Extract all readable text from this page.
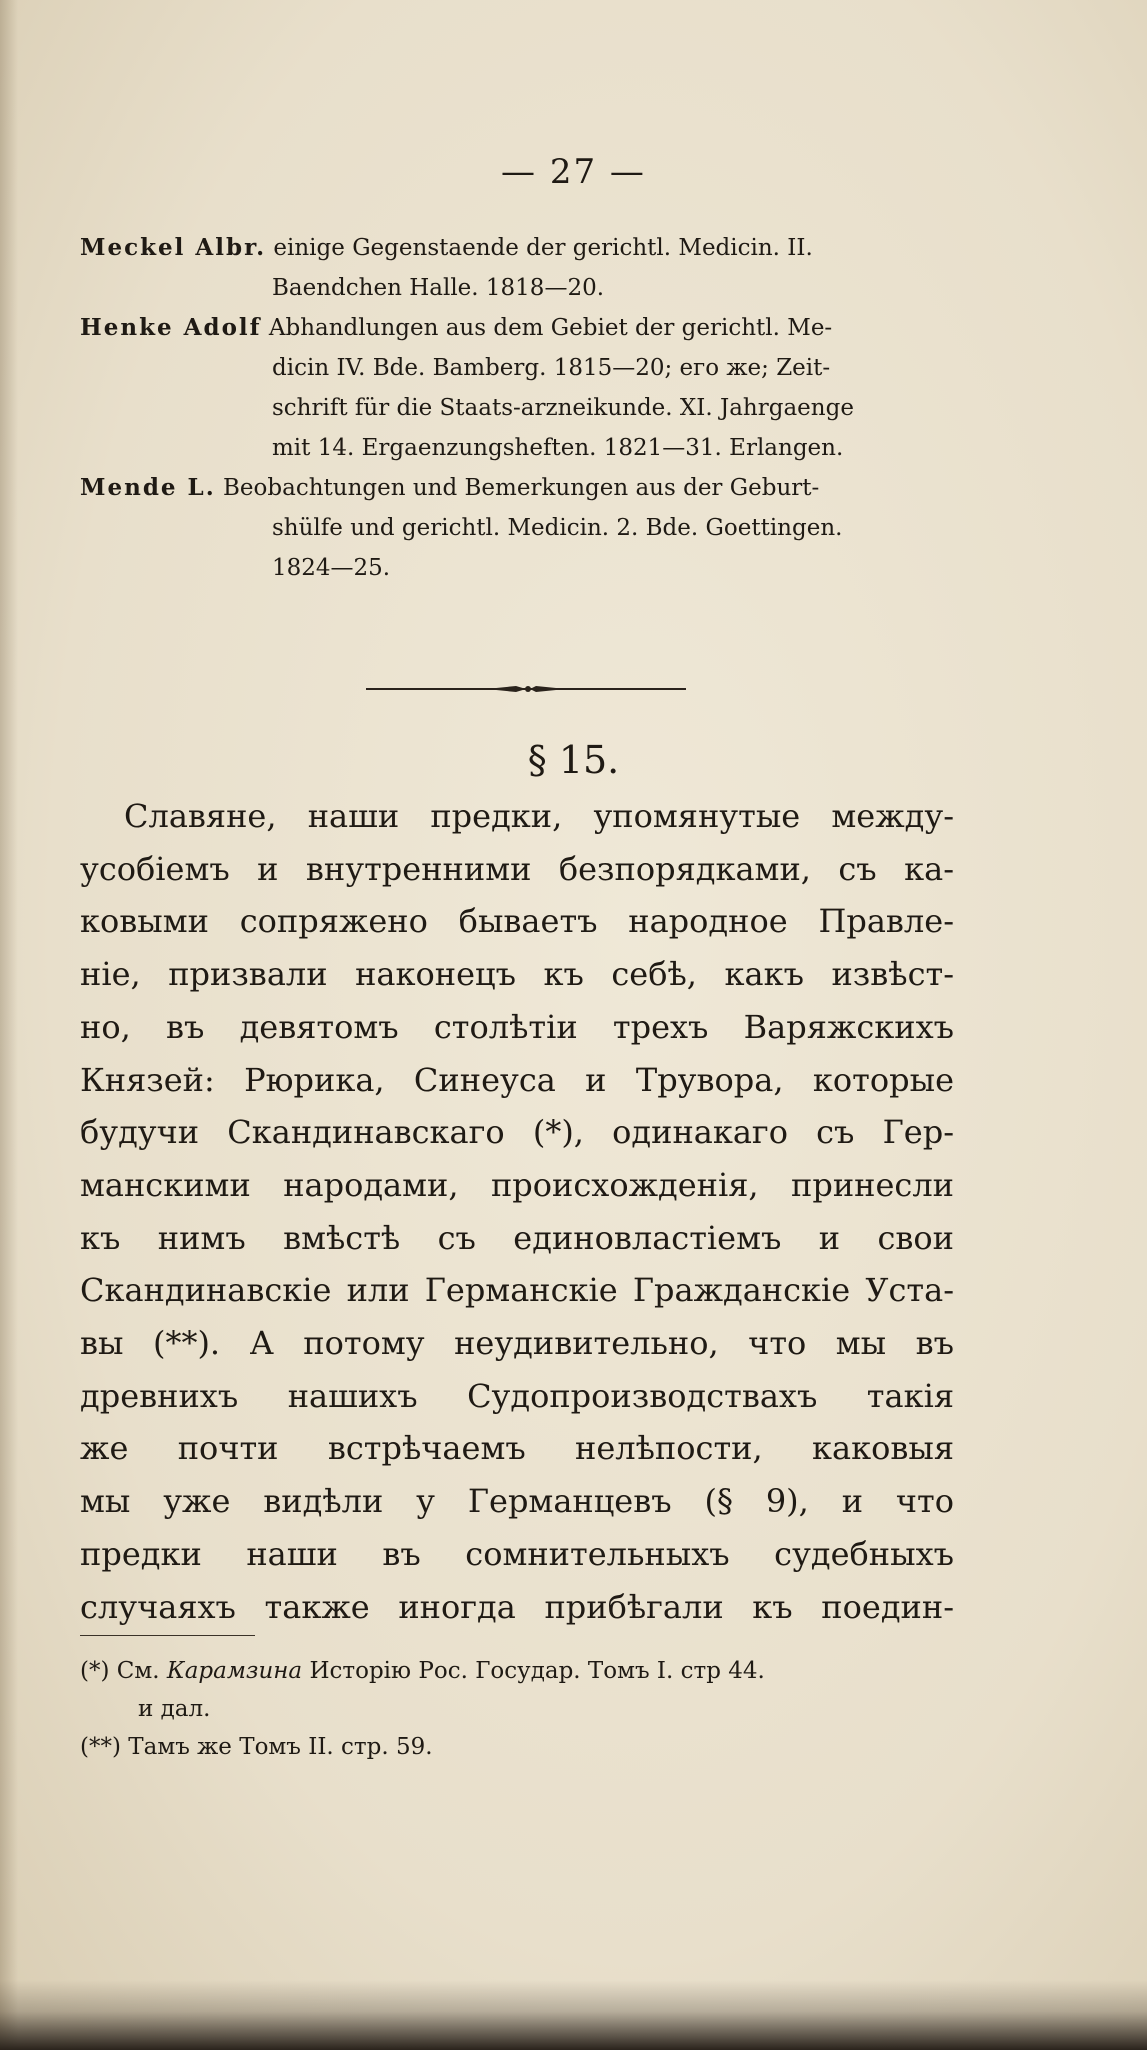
— 27 —

Meckel Albr. einige Gegenstaende der gerichtl. Medicin. II.
Baendchen Halle. 1818—20.

Henke Adolf Abhandlungen aus dem Gebiet der gerichtl. Me-
dicin IV. Bde. Bamberg. 1815—20; его же; Zeit-
schrift für die Staats-arzneikunde. XI. Jahrgaenge
mit 14. Ergaenzungsheften. 1821—31. Erlangen.

Mende L. Beobachtungen und Bemerkungen aus der Geburt-
shülfe und gerichtl. Medicin. 2. Bde. Goettingen.
1824—25.

§ 15.
Славяне, наши предки, упомянутые между-
усобіемъ и внутренними безпорядками, съ ка-
ковыми сопряжено бываетъ народное Правле-
ніе, призвали наконецъ къ себѣ, какъ извѣст-
но, въ девятомъ столѣтіи трехъ Варяжскихъ
Князей: Рюрика, Синеуса и Трувора, которые
будучи Скандинавскаго (*), одинакаго съ Гер-
манскими народами, происхожденія, принесли
къ нимъ вмѣстѣ съ единовластіемъ и свои
Скандинавскіе или Германскіе Гражданскіе Уста-
вы (**). А потому неудивительно, что мы въ
древнихъ нашихъ Судопроизводствахъ такія
же почти встрѣчаемъ нелѣпости, каковыя
мы уже видѣли у Германцевъ (§ 9), и что
предки наши въ сомнительныхъ судебныхъ
случаяхъ также иногда прибѣгали къ поедин-
(*) См. Карамзина Исторію Рос. Государ. Томъ I. стр 44.
и дал.
(**) Тамъ же Томъ II. стр. 59.
